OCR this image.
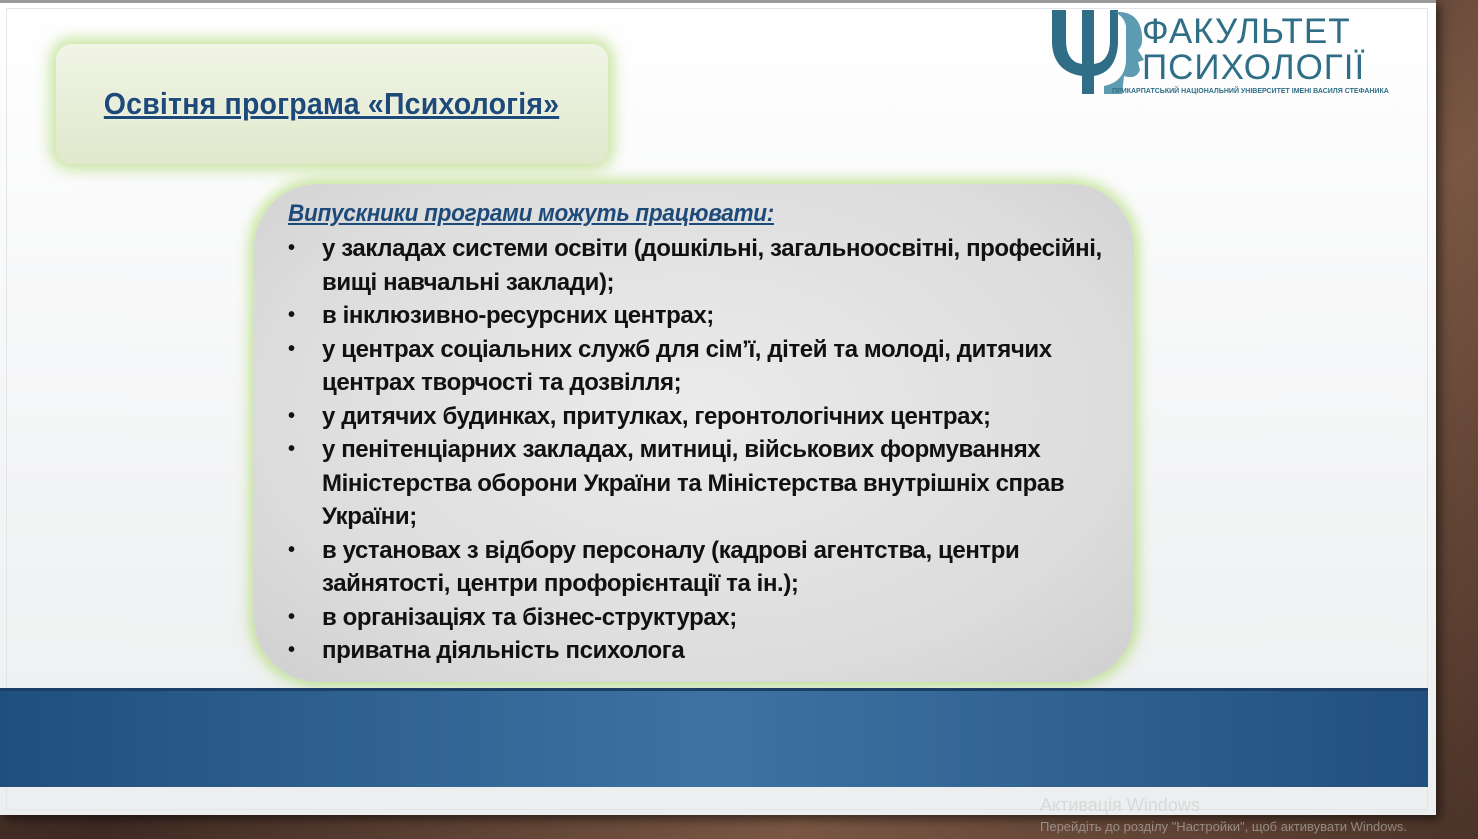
ФАКУЛЬТЕТ
ПСИХОЛОГІЇ
ПРИКАРПАТСЬКИЙ НАЦІОНАЛЬНИЙ УНІВЕРСИТЕТ ІМЕНІ ВАСИЛЯ СТЕФАНИКА
Освітня програма «Психологія»
Випускники програми можуть працювати:
• у закладах системи освіти (дошкільні, загальноосвітні, професійні, вищі навчальні заклади);
• в інклюзивно-ресурсних центрах;
• у центрах соціальних служб для сім’ї, дітей та молоді, дитячих центрах творчості та дозвілля;
• у дитячих будинках, притулках, геронтологічних центрах;
• у пенітенціарних закладах, митниці, військових формуваннях Міністерства оборони України та Міністерства внутрішніх справ України;
• в установах з відбору персоналу (кадрові агентства, центри зайнятості, центри профорієнтації та ін.);
• в організаціях та бізнес-структурах;
• приватна діяльність психолога
Активація Windows
Перейдіть до розділу "Настройки", щоб активувати Windows.
